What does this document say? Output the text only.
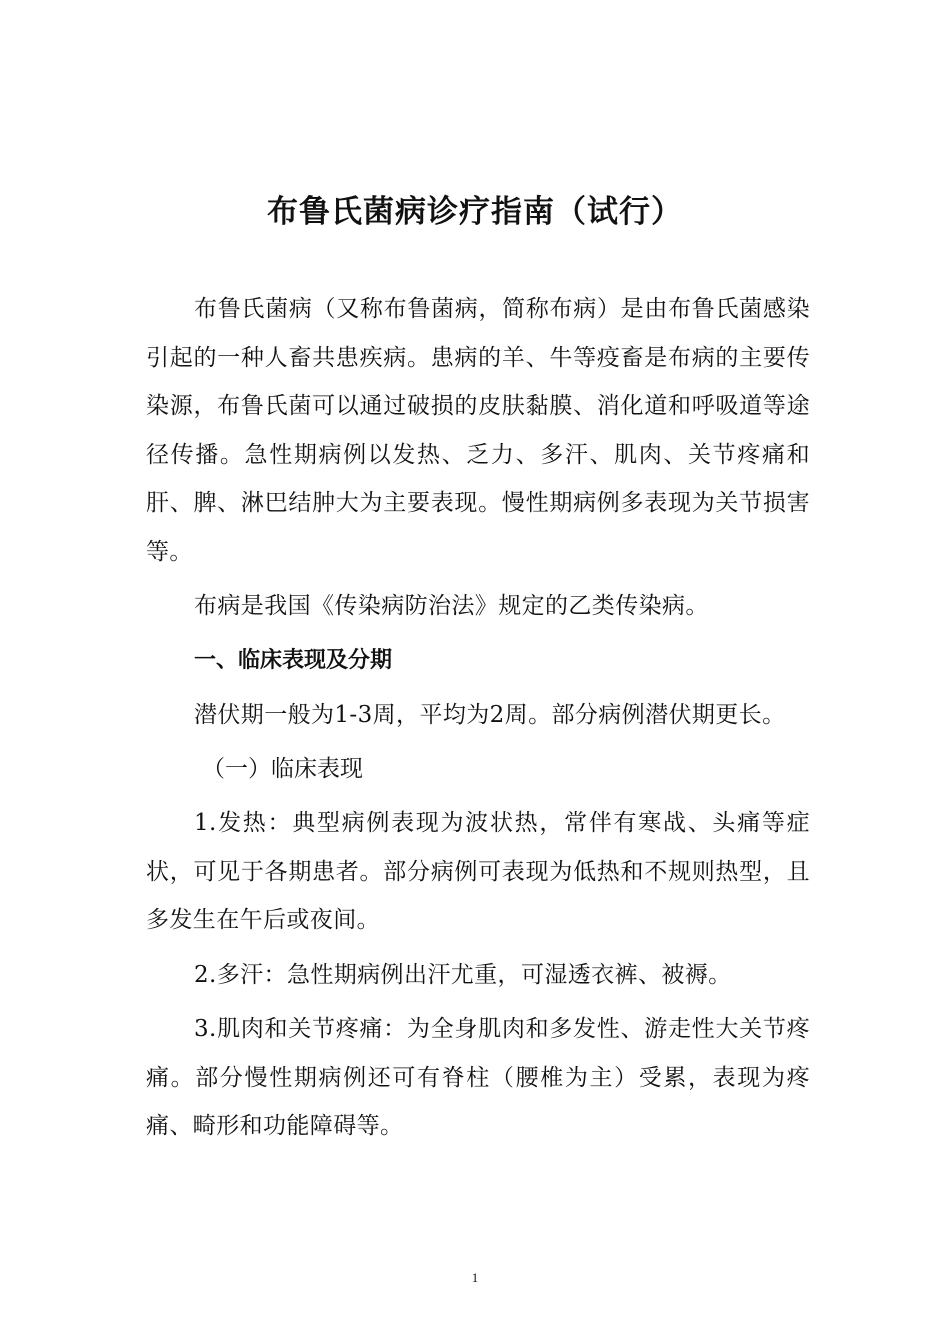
布鲁氏菌病诊疗指南（试行）

布鲁氏菌病（又称布鲁菌病，简称布病）是由布鲁氏菌感染引起的一种人畜共患疾病。患病的羊、牛等疫畜是布病的主要传染源，布鲁氏菌可以通过破损的皮肤黏膜、消化道和呼吸道等途径传播。急性期病例以发热、乏力、多汗、肌肉、关节疼痛和肝、脾、淋巴结肿大为主要表现。慢性期病例多表现为关节损害等。

布病是我国《传染病防治法》规定的乙类传染病。

一、临床表现及分期

潜伏期一般为1-3周，平均为2周。部分病例潜伏期更长。

（一）临床表现

1.发热：典型病例表现为波状热，常伴有寒战、头痛等症状，可见于各期患者。部分病例可表现为低热和不规则热型，且多发生在午后或夜间。

2.多汗：急性期病例出汗尤重，可湿透衣裤、被褥。

3.肌肉和关节疼痛：为全身肌肉和多发性、游走性大关节疼痛。部分慢性期病例还可有脊柱（腰椎为主）受累，表现为疼痛、畸形和功能障碍等。

1
